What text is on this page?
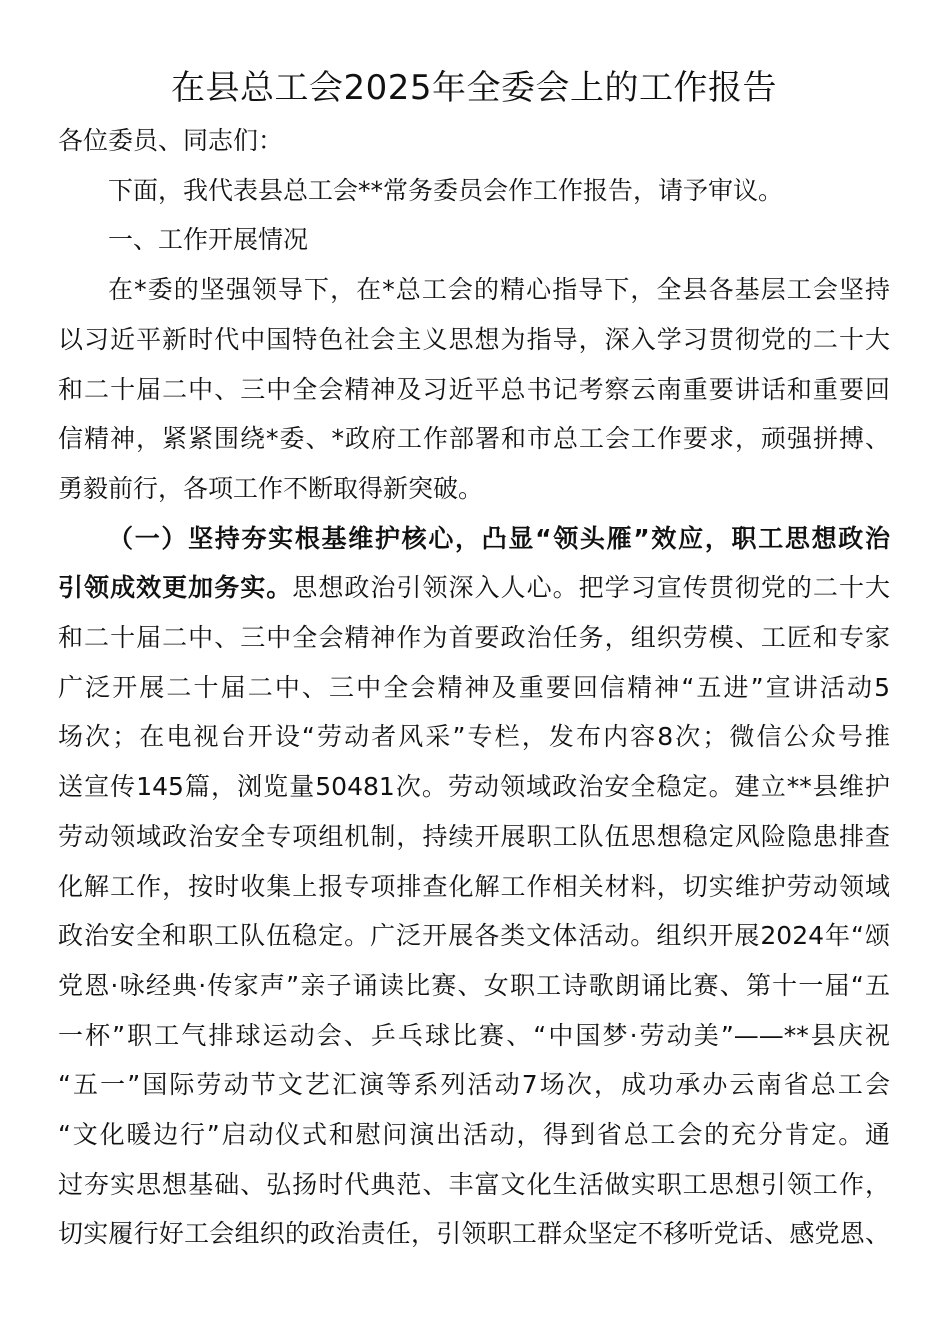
在县总工会2025年全委会上的工作报告

各位委员、同志们：

下面，我代表县总工会**常务委员会作工作报告，请予审议。

一、工作开展情况

在*委的坚强领导下，在*总工会的精心指导下，全县各基层工会坚持

以习近平新时代中国特色社会主义思想为指导，深入学习贯彻党的二十大

和二十届二中、三中全会精神及习近平总书记考察云南重要讲话和重要回

信精神，紧紧围绕*委、*政府工作部署和市总工会工作要求，顽强拼搏、

勇毅前行，各项工作不断取得新突破。

（一）坚持夯实根基维护核心，凸显“领头雁”效应，职工思想政治

引领成效更加务实。思想政治引领深入人心。把学习宣传贯彻党的二十大

和二十届二中、三中全会精神作为首要政治任务，组织劳模、工匠和专家

广泛开展二十届二中、三中全会精神及重要回信精神“五进”宣讲活动5

场次；在电视台开设“劳动者风采”专栏，发布内容8次；微信公众号推

送宣传145篇，浏览量50481次。劳动领域政治安全稳定。建立**县维护

劳动领域政治安全专项组机制，持续开展职工队伍思想稳定风险隐患排查

化解工作，按时收集上报专项排查化解工作相关材料，切实维护劳动领域

政治安全和职工队伍稳定。广泛开展各类文体活动。组织开展2024年“颂

党恩·咏经典·传家声”亲子诵读比赛、女职工诗歌朗诵比赛、第十一届“五

一杯”职工气排球运动会、乒乓球比赛、“中国梦·劳动美”——**县庆祝

“五一”国际劳动节文艺汇演等系列活动7场次，成功承办云南省总工会

“文化暖边行”启动仪式和慰问演出活动，得到省总工会的充分肯定。通

过夯实思想基础、弘扬时代典范、丰富文化生活做实职工思想引领工作，

切实履行好工会组织的政治责任，引领职工群众坚定不移听党话、感党恩、
